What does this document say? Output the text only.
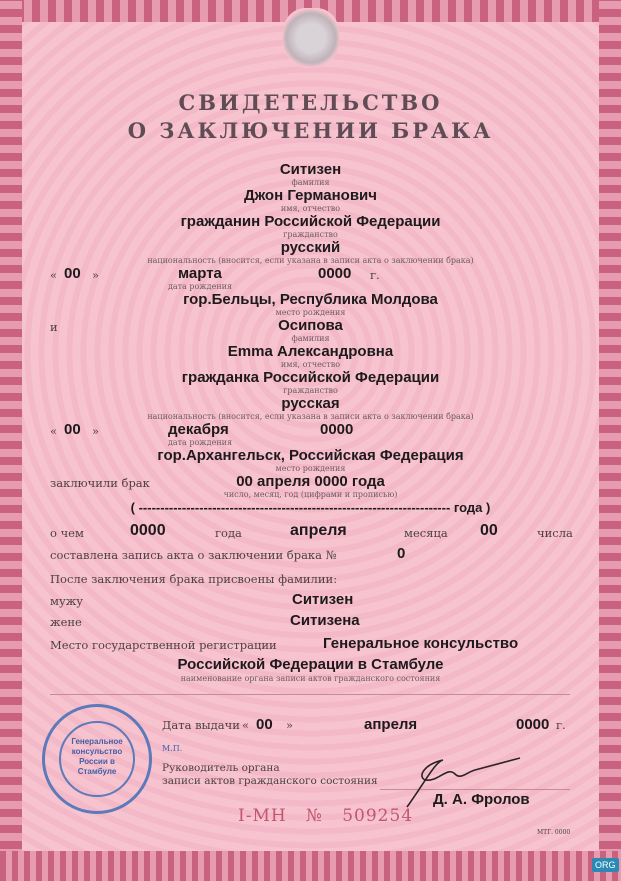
СВИДЕТЕЛЬСТВО
О ЗАКЛЮЧЕНИИ БРАКА
Ситизен
фамилия
Джон Германович
имя, отчество
гражданин Российской Федерации
гражданство
русский
национальность (вносится, если указана в записи акта о заключении брака)
« 00 »	марта	0000 г.
дата рождения
гор.Бельцы, Республика Молдова
место рождения
и	Осипова
фамилия
Emma Александровна
имя, отчество
гражданка Российской Федерации
гражданство
русская
национальность (вносится, если указана в записи акта о заключении брака)
« 00 »	декабря	0000
дата рождения
гор.Архангельск, Российская Федерация
место рождения
заключили брак	00 апреля 0000 года
число, месяц, год (цифрами и прописью)
( ------------------------------------------------------------------------ года )
о чем	0000	года	апреля	месяца 00	числа
составлена запись акта о заключении брака №	0
После заключения брака присвоены фамилии:
мужу	Ситизен
жене	Ситизена
Место государственной регистрации	Генеральное консульство
Российской Федерации в Стамбуле
наименование органа записи актов гражданского состояния
Дата выдачи « 00 »	апреля	0000 г.
М.П.
Руководитель органа
записи актов гражданского состояния
Д. А. Фролов
Генеральное консульство России в Стамбуле
I-МН № 509254
МТГ. 0000
ORG
